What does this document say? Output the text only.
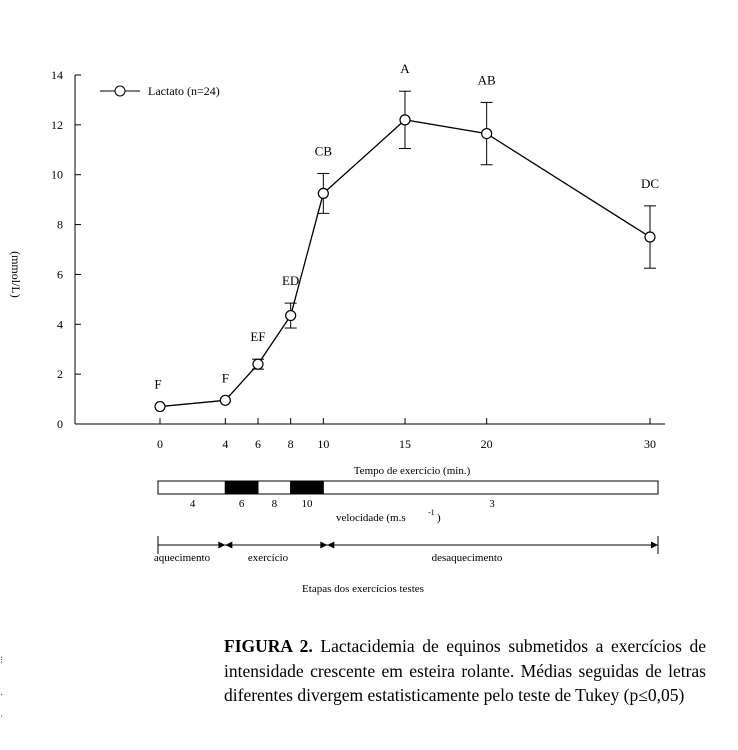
0
2
4
6
8
10
12
14
(mmol/L)
0	4 6 8 10	15	20	30
Tempo de exercício (min.)
Lactato (n=24)
F	F
EF
ED
CB
A
AB
DC
4	6 8 10	3
velocidade (m.s	-1 )
aquecimento	exercício	desaquecimento
Etapas dos exercícios testes
FIGURA 2. Lactacidemia de equinos submetidos a exercícios de intensidade crescente em esteira rolante. Médias seguidas de letras diferentes divergem estatisticamente pelo teste de Tukey (p≤0,05)
⁝
·
·
